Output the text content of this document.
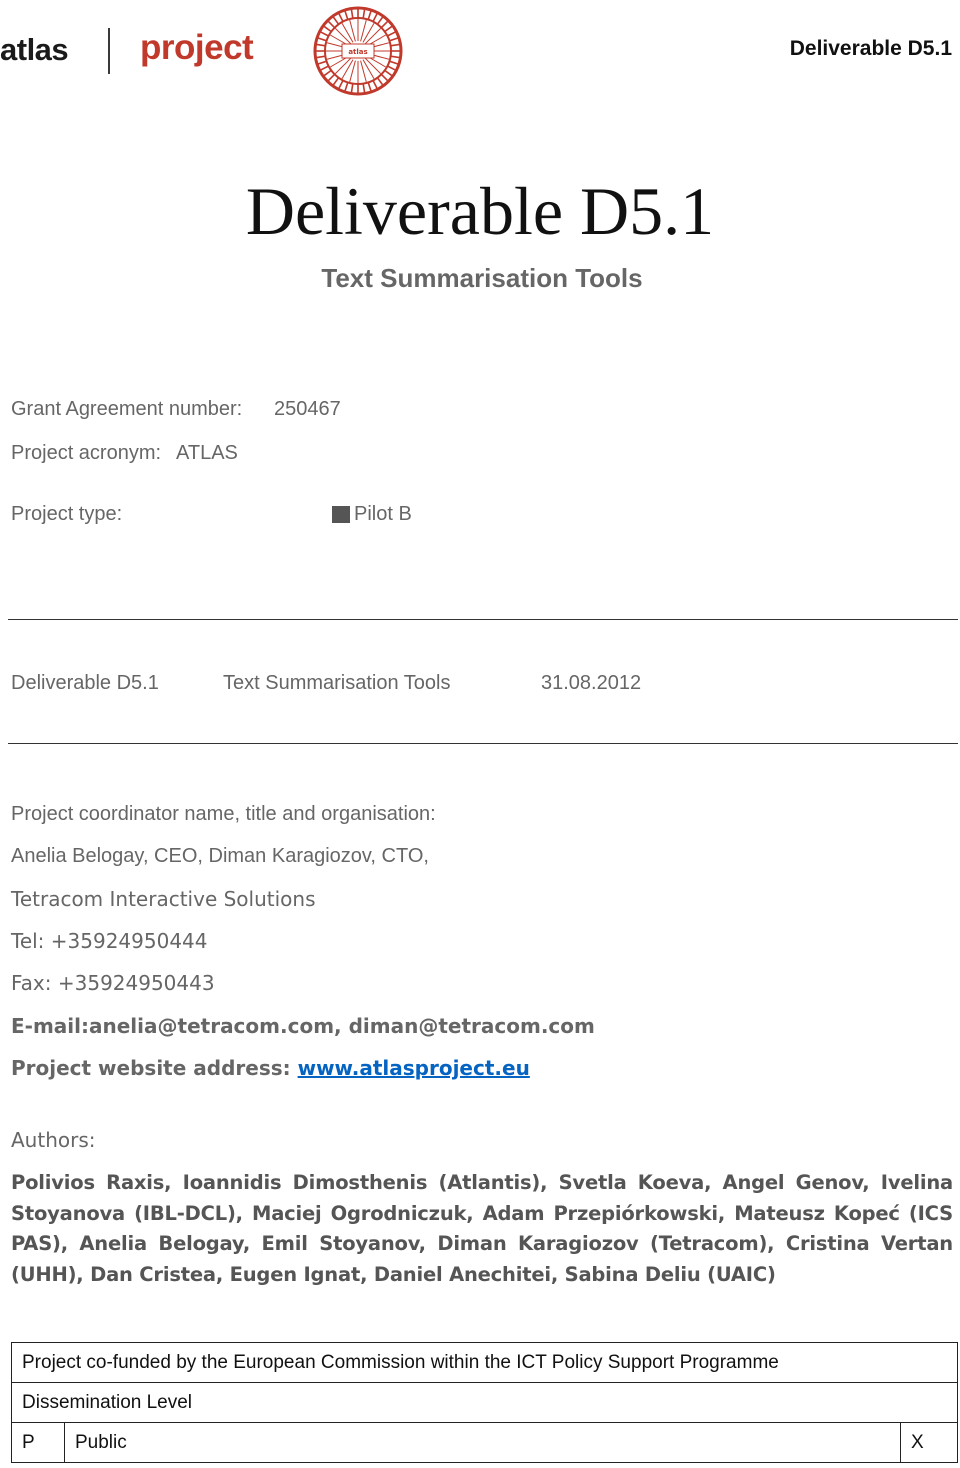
atlas project	atlas	Deliverable D5.1
Deliverable D5.1
Text Summarisation Tools
Grant Agreement number: 250467
Project acronym: ATLAS
Project type:	Pilot B
Deliverable D5.1	Text Summarisation Tools	31.08.2012
Project coordinator name, title and organisation:
Anelia Belogay, CEO, Diman Karagiozov, CTO,
Tetracom Interactive Solutions
Tel: +35924950444
Fax: +35924950443
E-mail:anelia@tetracom.com, diman@tetracom.com
Project website address: www.atlasproject.eu
Authors:
Polivios Raxis, Ioannidis Dimosthenis (Atlantis), Svetla Koeva, Angel Genov, Ivelina Stoyanova (IBL-DCL), Maciej Ogrodniczuk, Adam Przepiórkowski, Mateusz Kopeć (ICS PAS), Anelia Belogay, Emil Stoyanov, Diman Karagiozov (Tetracom), Cristina Vertan (UHH), Dan Cristea, Eugen Ignat, Daniel Anechitei, Sabina Deliu (UAIC)
Project co-funded by the European Commission within the ICT Policy Support Programme
Dissemination Level
P	Public	X
